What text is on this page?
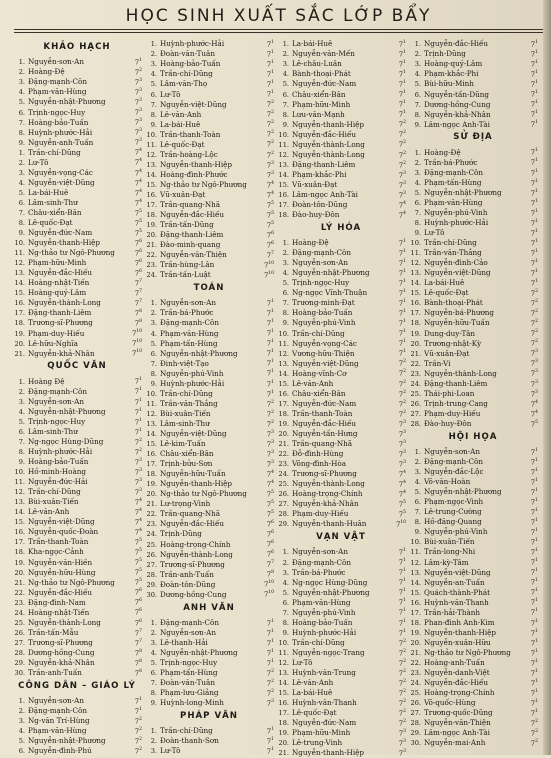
HỌC SINH XUẤT SẮC LỚP BẨY
KHẢO HẠCH
1. Nguyễn-sơn-An	$7^1$
2. Hoàng-Đệ	$7^2$
3. Đặng-mạnh-Côn	$7^3$
4. Phạm-văn-Hùng	$7^3$
5. Nguyễn-nhật-Phương	$7^3$
6. Trịnh-ngọc-Huy	$7^3$
7. Hoàng-bảo-Tuấn	$7^3$
8. Huỳnh-phước-Hải	$7^3$
9. Nguyễn-anh-Tuấn	$7^3$
1. Trần-chí-Dũng	$7^4$
2. Lư-Tô	$7^4$
3. Nguyễn-vọng-Các	$7^4$
4. Nguyễn-việt-Dũng	$7^4$
5. La-bái-Huê	$7^4$
6. Lâm-sinh-Thư	$7^4$
7. Châu-xiển-Bân	$7^5$
8. Lê-quốc-Đạt	$7^5$
9. Nguyễn-đức-Nam	$7^5$
10. Nguyễn-thanh-Hiệp	$7^6$
11. Ng-thảo tư Ngô-Phương	$7^6$
12. Phạm-hữu-Minh	$7^6$
13. Nguyễn-đắc-Hiếu	$7^6$
14. Hoàng-nhật-Tiến	$7^7$
15. Hoàng-quý-Lâm	$7^7$
16. Nguyễn-thành-Long	$7^7$
17. Đặng-thanh-Liêm	$7^8$
18. Trương-sĩ-Phương	$7^8$
19. Phạm-duy-Hiếu	$7^{10}$
20. Lê-hữu-Nghĩa	$7^{10}$
21. Nguyễn-khả-Nhân	$7^{10}$
QUỐC VĂN
1. Hoàng Đệ	$7^1$
2. Đặng-mạnh-Côn	$7^1$
3. Nguyễn-sơn-An	$7^1$
4. Nguyễn-nhật-Phương	$7^1$
5. Trịnh-ngọc-Huy	$7^1$
6. Lâm-sinh-Thư	$7^1$
7. Ng-ngọc Hùng-Dũng	$7^2$
8. Huỳnh-phước-Hải	$7^2$
9. Hoàng-bảo-Tuấn	$7^3$
10. Hồ-minh-Hoàng	$7^3$
11. Nguyễn-đức-Hải	$7^3$
12. Trần-chí-Dũng	$7^3$
13. Bùi-xuân-Tiến	$7^4$
14. Lê-văn-Anh	$7^4$
15. Nguyễn-việt-Dũng	$7^4$
16. Nguyễn-quốc-Đoàn	$7^4$
17. Trần-thanh-Toàn	$7^5$
18. Kha-ngọc-Cảnh	$7^5$
19. Nguyễn-văn-Hiền	$7^5$
20. Nguyễn-hữu-Hùng	$7^5$
21. Ng-thảo tư Ngô-Phương	$7^5$
22. Nguyễn-đắc-Hiếu	$7^6$
23. Đặng-đình-Nam	$7^6$
24. Hoàng-nhật-Tiến	$7^6$
25. Nguyễn-thành-Long	$7^6$
26. Trần-tấn-Mẫu	$7^7$
27. Trương-sĩ-Phương	$7^7$
28. Dương-hồng-Cung	$7^8$
29. Nguyễn-khả-Nhân	$7^8$
30. Trần-anh-Tuấn	$7^8$
CÔNG DÂN – GIÁO LÝ
1. Nguyễn-sơn-An	$7^1$
2. Đặng-mạnh-Côn	$7^1$
3. Ng-văn Trí-Hùng	$7^2$
4. Phạm-văn-Hùng	$7^2$
5. Nguyễn-nhật-Phương	$7^2$
6. Nguyễn-đình-Phú	$7^2$
1. Huỳnh-phước-Hải	$7^1$
2. Đoàn-văn-Tuân	$7^1$
3. Hoàng-bảo-Tuấn	$7^1$
4. Trần-chí-Dũng	$7^1$
5. Lâm-văn-Thọ	$7^1$
6. Lư-Tô	$7^1$
7. Nguyễn-việt-Dũng	$7^2$
8. Lê-văn-Anh	$7^2$
9. La-bái-Huê	$7^2$
10. Trần-thanh-Toàn	$7^2$
11. Lê-quốc-Đạt	$7^2$
12. Trần-hoàng-Lộc	$7^2$
13. Nguyễn-thanh-Hiệp	$7^3$
14. Hoàng-đình-Phước	$7^3$
15. Ng-thảo tư Ngô-Phương	$7^4$
16. Vũ-xuân-Đạt	$7^4$
17. Trần-quang-Nhã	$7^5$
18. Nguyễn-đắc-Hiếu	$7^5$
19. Trần-tấn-Dũng	$7^5$
20. Đặng-thanh-Liêm	$7^6$
21. Đào-minh-quang	$7^6$
22. Nguyễn-văn-Thiện	$7^7$
23. Trần-hùng-Lân	$7^{10}$
24. Trần-tấn-Luật	$7^{10}$
TOÁN
1. Nguyễn-sơn-An	$7^1$
2. Trần-bá-Phước	$7^1$
3. Đặng-mạnh-Côn	$7^1$
4. Phạm-văn-Hùng	$7^1$
5. Phạm-tấn-Hùng	$7^1$
6. Nguyễn-nhật-Phương	$7^1$
7. Đinh-việt-Tạo	$7^1$
8. Nguyễn-phú-Vinh	$7^1$
9. Huỳnh-phước-Hải	$7^1$
10. Trần-chí-Dũng	$7^1$
11. Trần-văn-Thắng	$7^2$
12. Bùi-xuân-Tiến	$7^2$
13. Lâm-sinh-Thư	$7^2$
14. Nguyễn-việt-Dũng	$7^3$
15. Lê-kim-Tuấn	$7^3$
16. Châu-xiển-Bân	$7^3$
17. Trịnh-bửu-Sơn	$7^3$
18. Nguyễn-hữu-Tuấn	$7^4$
19. Nguyễn-thanh-Hiệp	$7^4$
20. Ng-thảo tư Ngô-Phương	$7^5$
21. Lư-trọng-Vinh	$7^5$
22. Trần-quang-Nhã	$7^5$
23. Nguyễn-đắc-Hiếu	$7^6$
24. Trịnh-Dũng	$7^6$
25. Hoàng-trọng-Chính	$7^6$
26. Nguyễn-thành-Long	$7^6$
27. Trương-sĩ-Phương	$7^7$
28. Trần-anh-Tuấn	$7^8$
29. Đoàn-tôn-Dũng	$7^{10}$
30. Dương-hồng-Cung	$7^{10}$
ANH VĂN
1. Đặng-mạnh-Côn	$7^1$
2. Nguyễn-sơn-An	$7^1$
3. Lê-thanh-Hải	$7^1$
4. Nguyễn-nhật-Phương	$7^1$
5. Trịnh-ngọc-Huy	$7^1$
6. Phạm-tấn-Hùng	$7^2$
7. Đoàn-văn-Tuân	$7^2$
8. Phạm-lưu-Giảng	$7^2$
9. Huỳnh-long-Minh	$7^3$
PHÁP VĂN
1. Trần-chí-Dũng	$7^1$
2. Đoàn-thanh-Sơn	$7^1$
3. Lư-Tô	$7^1$
1. La-bái-Huê	$7^1$
2. Nguyễn-văn-Mến	$7^1$
3. Lê-châu-Luân	$7^1$
4. Bành-thoại-Phát	$7^1$
5. Nguyễn-đức-Nam	$7^1$
6. Châu-xiển-Bân	$7^1$
7. Phạm-hữu-Minh	$7^1$
8. Lưu-văn-Mạnh	$7^1$
9. Nguyễn-thanh-Hiệp	$7^2$
10. Nguyễn-đắc-Hiếu	$7^2$
11. Nguyễn-thành-Long	$7^2$
12. Nguyễn-thành-Long	$7^2$
13. Đặng-thanh-Liêm	$7^2$
14. Phạm-khắc-Phi	$7^3$
15. Vũ-xuân-Đạt	$7^3$
16. Lâm-ngọc Anh-Tài	$7^3$
17. Đoàn-tôn-Dũng	$7^4$
18. Đào-huy-Đôn	$7^4$
LÝ HÓA
1. Hoàng-Đệ	$7^1$
2. Đặng-mạnh-Côn	$7^1$
3. Nguyễn-sơn-An	$7^1$
4. Nguyễn-nhật-Phương	$7^1$
5. Trịnh-ngọc-Huy	$7^1$
6. Ng-ngọc Vĩnh-Thuận	$7^1$
7. Trương-minh-Đạt	$7^1$
8. Hoàng-bảo-Tuấn	$7^1$
9. Nguyễn-phú-Vinh	$7^1$
10. Trần-chí-Dũng	$7^1$
11. Nguyễn-vọng-Các	$7^1$
12. Vương-hữu-Thiện	$7^1$
13. Nguyễn-việt-Dũng	$7^2$
14. Hoàng-vĩnh-Cơ	$7^2$
15. Lê-văn-Anh	$7^2$
16. Châu-xiển-Bân	$7^2$
17. Nguyễn-đức-Nam	$7^2$
18. Trần-thanh-Toàn	$7^2$
19. Nguyễn-đắc-Hiếu	$7^3$
20. Nguyễn-tấn-Hưng	$7^3$
21. Trần-quang-Nhã	$7^3$
22. Đỗ-đình-Hùng	$7^3$
23. Võng-đình-Hòa	$7^3$
24. Trương-sĩ-Phương	$7^4$
25. Nguyễn-thành-Long	$7^4$
26. Hoàng-trọng-Chính	$7^4$
27. Nguyễn-khả-Nhân	$7^5$
28. Phạm-duy-Hiếu	$7^5$
29. Nguyễn-thanh-Huân	$7^{10}$
VẠN VẬT
1. Nguyễn-sơn-An	$7^1$
2. Đặng-mạnh-Côn	$7^1$
3. Trần-bá-Phước	$7^1$
4. Ng-ngọc Hùng-Dũng	$7^1$
5. Nguyễn-nhật-Phương	$7^1$
6. Phạm-văn-Hùng	$7^1$
7. Nguyễn-phú-Vinh	$7^1$
8. Hoàng-bảo-Tuấn	$7^1$
9. Huỳnh-phước-Hải	$7^1$
10. Trần-chí-Dũng	$7^2$
11. Nguyễn-ngọc-Trang	$7^2$
12. Lư-Tô	$7^2$
13. Huỳnh-văn-Trung	$7^2$
14. Lê-văn-Anh	$7^2$
15. La-bái-Huê	$7^2$
16. Huỳnh-văn-Thanh	$7^2$
17. Lê-quốc-Đạt	$7^2$
18. Nguyễn-đức-Nam	$7^2$
19. Phạm-hữu-Minh	$7^3$
20. Lê-trung-Vinh	$7^3$
21. Nguyễn-thanh-Hiệp	$7^3$
1. Nguyễn-đắc-Hiếu	$7^1$
2. Trịnh-Dũng	$7^1$
3. Hoàng-quý-Lâm	$7^1$
4. Phạm-khắc-Phi	$7^1$
5. Bùi-hữu-Minh	$7^1$
6. Nguyễn-tấn-Dũng	$7^1$
7. Dương-hồng-Cung	$7^1$
8. Nguyễn-khả-Nhân	$7^1$
9. Lâm-ngọc Anh-Tài	$7^1$
SỬ ĐỊA
1. Hoàng-Đệ	$7^1$
2. Trần-bá-Phước	$7^1$
3. Đặng-mạnh-Côn	$7^1$
4. Phạm-tấn-Hùng	$7^1$
5. Nguyễn-nhật-Phương	$7^1$
6. Phạm-văn-Hùng	$7^1$
7. Nguyễn-phú-Vinh	$7^1$
8. Huỳnh-phước-Hải	$7^1$
9. Lư-Tô	$7^1$
10. Trần-chí-Dũng	$7^1$
11. Trần-văn-Thắng	$7^1$
12. Nguyễn-đình-Cảo	$7^1$
13. Nguyễn-việt-Dũng	$7^1$
14. La-bái-Huê	$7^1$
15. Lê-quốc-Đạt	$7^2$
16. Bành-thoại-Phát	$7^2$
17. Nguyễn-bá-Phương	$7^2$
18. Nguyễn-hữu-Tuấn	$7^2$
19. Dung-duy-Tân	$7^2$
20. Trương-nhật-Kỳ	$7^2$
21. Vũ-xuân-Đạt	$7^3$
22. Trần-Vi	$7^3$
23. Nguyễn-thành-Long	$7^3$
24. Đặng-thanh-Liêm	$7^3$
25. Thái-phi-Loan	$7^3$
26. Trịnh-trung-Cang	$7^4$
27. Phạm-duy-Hiếu	$7^4$
28. Đào-huy-Đôn	$7^5$
HỘI HỌA
1. Nguyễn-sơn-An	$7^1$
2. Đặng-mạnh-Côn	$7^1$
3. Nguyễn-đắc-Lộc	$7^1$
4. Võ-văn-Hoàn	$7^1$
5. Nguyễn-nhật-Phương	$7^1$
6. Phạm-ngọc-Vinh	$7^1$
7. Lê-trung-Cường	$7^1$
8. Hồ-đăng-Quang	$7^1$
9. Nguyễn-phú-Vinh	$7^1$
10. Bùi-xuân-Tiến	$7^1$
11. Trần-long-Nhi	$7^1$
12. Lâm-kỳ-Tâm	$7^1$
13. Nguyễn-việt-Dũng	$7^1$
14. Nguyễn-an-Tuấn	$7^1$
15. Quách-thành-Phát	$7^1$
16. Huỳnh-văn-Thanh	$7^1$
17. Trần-hải-Thành	$7^1$
18. Phan-đình Anh-Kim	$7^1$
19. Nguyễn-thanh-Hiệp	$7^1$
20. Nguyễn-xuân-Hữu	$7^1$
21. Ng-thảo tư Ngô-Phương	$7^1$
22. Hoàng-anh-Tuấn	$7^1$
23. Nguyễn-danh-Việt	$7^1$
24. Nguyễn-đắc-Hiếu	$7^1$
25. Hoàng-trọng-Chính	$7^1$
26. Võ-quốc-Hùng	$7^1$
27. Trương-quốc-Dũng	$7^1$
28. Nguyễn-văn-Thiện	$7^2$
29. Lâm-ngọc Anh-Tài	$7^2$
30. Nguyễn-mai-Anh	$7^2$
